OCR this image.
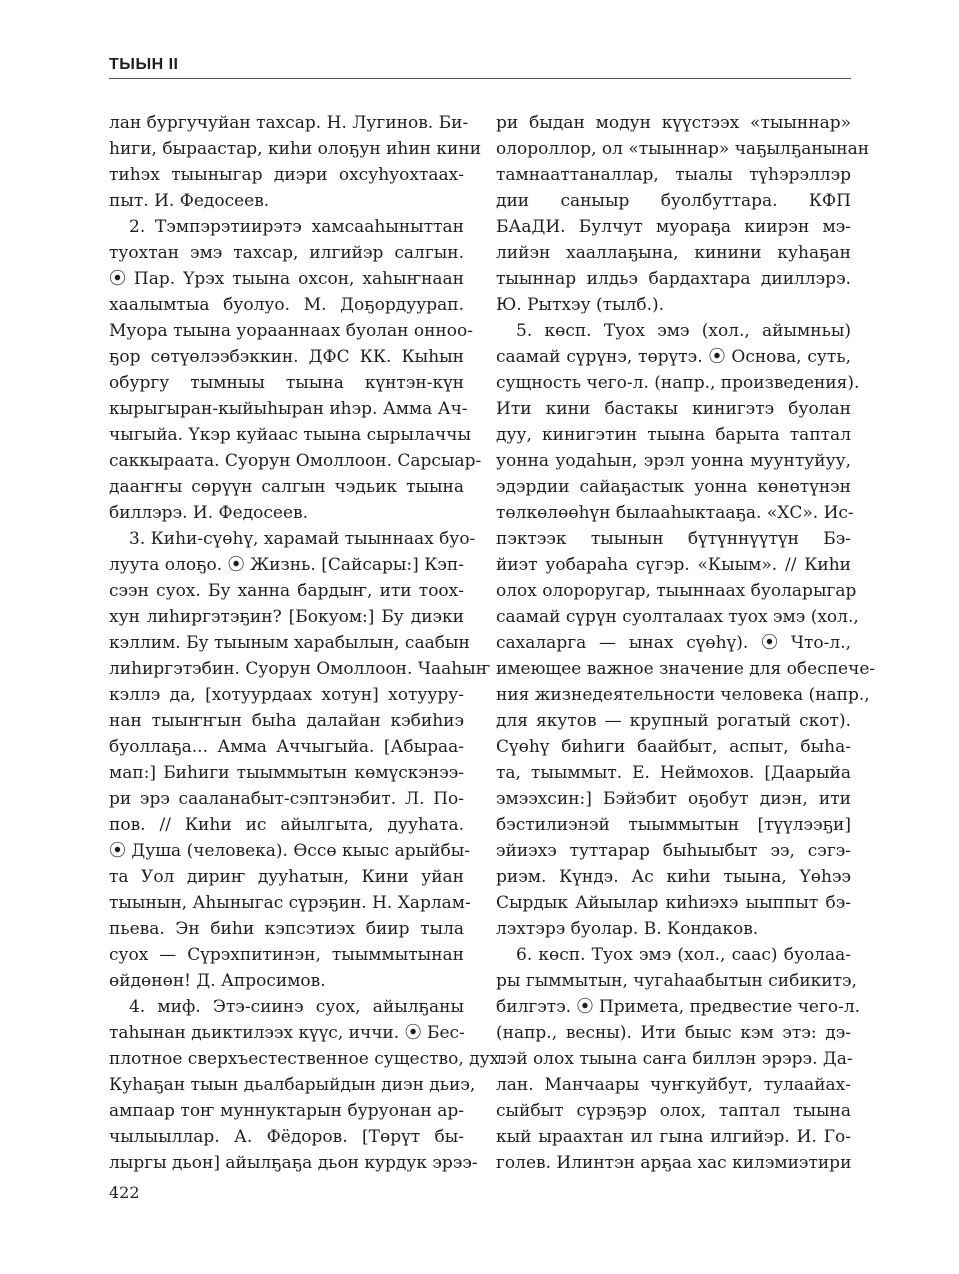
ТЫЫН II
лан бургучуйан тахсар. Н. Лугинов. Би-
һиги, быраастар, киһи олоҕун иһин кини
тиһэх тыыныгар диэри охсуһуохтаах-
пыт. И. Федосеев.
2. Тэмпэрэтиирэтэ хамсааһыныттан
туохтан эмэ тахсар, илгийэр салгын.
⦿ Пар. Үрэх тыына охсон, хаһыҥнаан
хаалымтыа буолуо. М. Доҕордуурап.
Муора тыына уорааннаах буолан онноо-
ҕор сөтүөлээбэккин. ДФС КК. Кыһын
обургу тымныы тыына күнтэн-күн
кырыгыран-кыйыһыран иһэр. Амма Ач-
чыгыйа. Үкэр куйаас тыына сырылаччы
саккыраата. Суорун Омоллоон. Сарсыар-
дааҥҥы сөрүүн салгын чэдьик тыына
биллэрэ. И. Федосеев.
3. Киһи-сүөһү, харамай тыыннаах буо-
луута олоҕо. ⦿ Жизнь. [Сайсары:] Кэп-
сээн суох. Бу ханна бардыҥ, ити тоох-
хун лиһиргэтэҕин? [Бокуом:] Бу диэки
кэллим. Бу тыыным харабылын, саабын
лиһиргэтэбин. Суорун Омоллоон. Чааһыҥ
кэллэ да, [хотуурдаах хотун] хотууру-
нан тыыҥҥын быһа далайан кэбиһиэ
буоллаҕа... Амма Аччыгыйа. [Абыраа-
мап:] Биһиги тыыммытын көмүскэнээ-
ри эрэ сааланабыт-сэптэнэбит. Л. По-
пов. // Киһи ис айылгыта, дууһата.
⦿ Душа (человека). Өссө кыыс арыйбы-
та Уол дириҥ дууһатын, Кини уйан
тыынын, Аһыныгас сүрэҕин. Н. Харлам-
пьева. Эн биһи кэпсэтиэх биир тыла
суох — Сүрэхпитинэн, тыыммытынан
өйдөнөн! Д. Апросимов.
4. миф. Этэ-сиинэ суох, айылҕаны
таһынан дьиктилээх күүс, иччи. ⦿ Бес-
плотное сверхъестественное существо, дух.
Куһаҕан тыын дьалбарыйдын диэн дьиэ,
ампаар тоҥ муннуктарын буруонан ар-
чылыыллар. А. Фёдоров. [Төрүт бы-
лыргы дьон] айылҕаҕа дьон курдук эрээ-
ри быдан модун күүстээх «тыыннар»
олороллор, ол «тыыннар» чаҕылҕанынан
тамнааттаналлар, тыалы түһэрэллэр
дии саныыр буолбуттара. КФП
БАаДИ. Булчут муораҕа киирэн мэ-
лийэн хааллаҕына, кинини куһаҕан
тыыннар илдьэ бардахтара дииллэрэ.
Ю. Рытхэу (тылб.).
5. көсп. Туох эмэ (хол., айымньы)
саамай сүрүнэ, төрүтэ. ⦿ Основа, суть,
сущность чего-л. (напр., произведения).
Ити кини бастакы кинигэтэ буолан
дуу, кинигэтин тыына барыта таптал
уонна уодаһын, эрэл уонна муунтуйуу,
эдэрдии сайаҕастык уонна көнөтүнэн
төлкөлөөһүн былааһыктааҕа. «ХС». Ис-
пэктээк тыынын бүтүннүүтүн Бэ-
йиэт уобараһа сүгэр. «Кыым». // Киһи
олох олороругар, тыыннаах буоларыгар
саамай сүрүн суолталаах туох эмэ (хол.,
сахаларга — ынах сүөһү). ⦿ Что-л.,
имеющее важное значение для обеспече-
ния жизнедеятельности человека (напр.,
для якутов — крупный рогатый скот).
Сүөһү биһиги баайбыт, аспыт, быһа-
та, тыыммыт. Е. Неймохов. [Даарыйа
эмээхсин:] Бэйэбит оҕобут диэн, ити
бэстилиэнэй тыыммытын [түүлээҕи]
эйиэхэ туттарар быһыыбыт ээ, сэгэ-
риэм. Күндэ. Ас киһи тыына, Үөһээ
Сырдык Айыылар киһиэхэ ыыппыт бэ-
лэхтэрэ буолар. В. Кондаков.
6. көсп. Туох эмэ (хол., саас) буолаа-
ры гыммытын, чугаһаабытын сибикитэ,
билгэтэ. ⦿ Примета, предвестие чего-л.
(напр., весны). Ити быыс кэм этэ: дэ-
лэй олох тыына саҥа биллэн эрэрэ. Да-
лан. Манчаары чуҥкуйбут, тулаайах-
сыйбыт сүрэҕэр олох, таптал тыына
кый ыраахтан ил гына илгийэр. И. Го-
голев. Илинтэн арҕаа хас килэмиэтири
422
